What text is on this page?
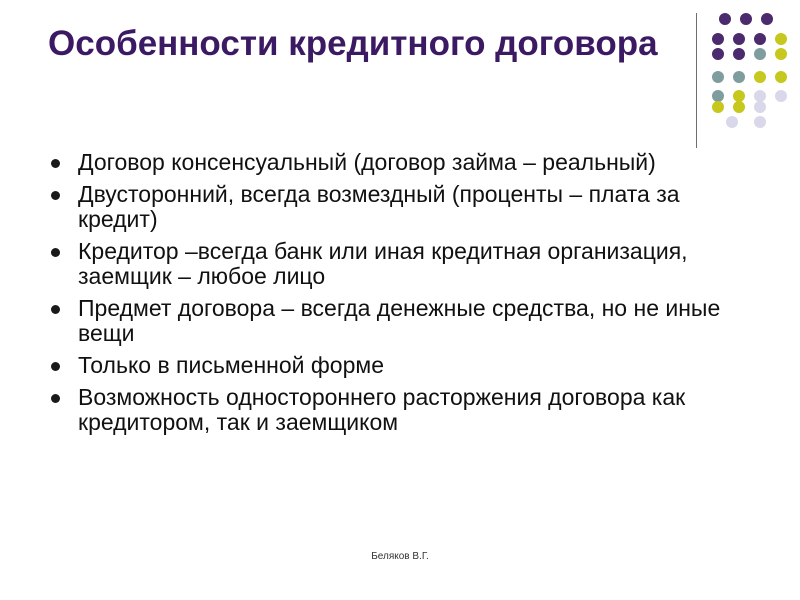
Особенности кредитного договора
Договор консенсуальный (договор займа – реальный)
Двусторонний, всегда возмездный (проценты – плата за кредит)
Кредитор –всегда банк или иная кредитная организация, заемщик – любое лицо
Предмет договора – всегда денежные средства, но не иные вещи
Только в письменной форме
Возможность одностороннего расторжения договора как кредитором, так и заемщиком
Беляков В.Г.
